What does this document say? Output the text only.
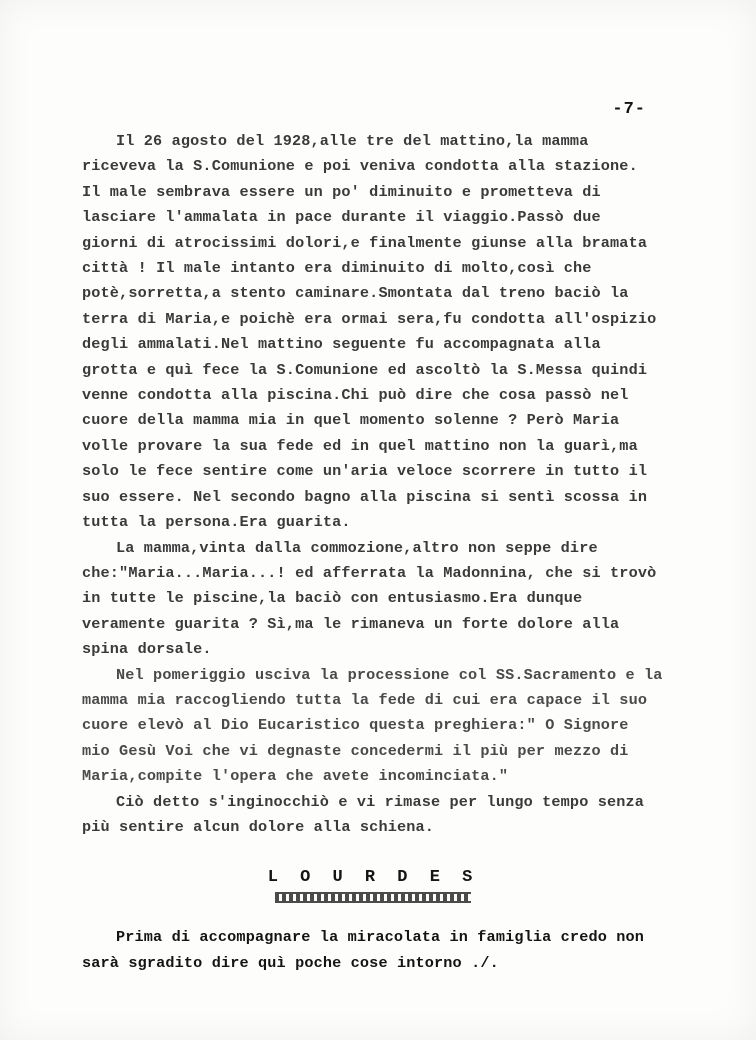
-7-

Il 26 agosto del 1928,alle tre del mattino,la mamma riceveva la S.Comunione e poi veniva condotta alla stazione. Il male sembrava essere un po' diminuito e prometteva di lasciare l'ammalata in pace durante il viaggio.Passò due giorni di atrocissimi dolori,e finalmente giunse alla bramata città ! Il male intanto era diminuito di molto,così che potè,sorretta,a stento caminare.Smontata dal treno baciò la terra di Maria,e poichè era ormai sera,fu condotta all'ospizio degli ammalati.Nel mattino seguente fu accompagnata alla grotta e quì fece la S.Comunione ed ascoltò la S.Messa quindi venne condotta alla piscina.Chi può dire che cosa passò nel cuore della mamma mia in quel momento solenne ? Però Maria volle provare la sua fede ed in quel mattino non la guarì,ma solo le fece sentire come un'aria veloce scorrere in tutto il suo essere. Nel secondo bagno alla piscina si sentì scossa in tutta la persona.Era guarita.

La mamma,vinta dalla commozione,altro non seppe dire che:"Maria...Maria...! ed afferrata la Madonnina, che si trovò in tutte le piscine,la baciò con entusiasmo.Era dunque veramente guarita ? Sì,ma le rimaneva un forte dolore alla spina dorsale.

Nel pomeriggio usciva la processione col SS.Sacramento e la mamma mia raccogliendo tutta la fede di cui era capace il suo cuore elevò al Dio Eucaristico questa preghiera:" O Signore mio Gesù Voi che vi degnaste concedermi il più per mezzo di Maria,compite l'opera che avete incominciata."

Ciò detto s'inginocchiò e vi rimase per lungo tempo senza più sentire alcun dolore alla schiena.

L O U R D E S

Prima di accompagnare la miracolata in famiglia credo non sarà sgradito dire quì poche cose intorno ./.
